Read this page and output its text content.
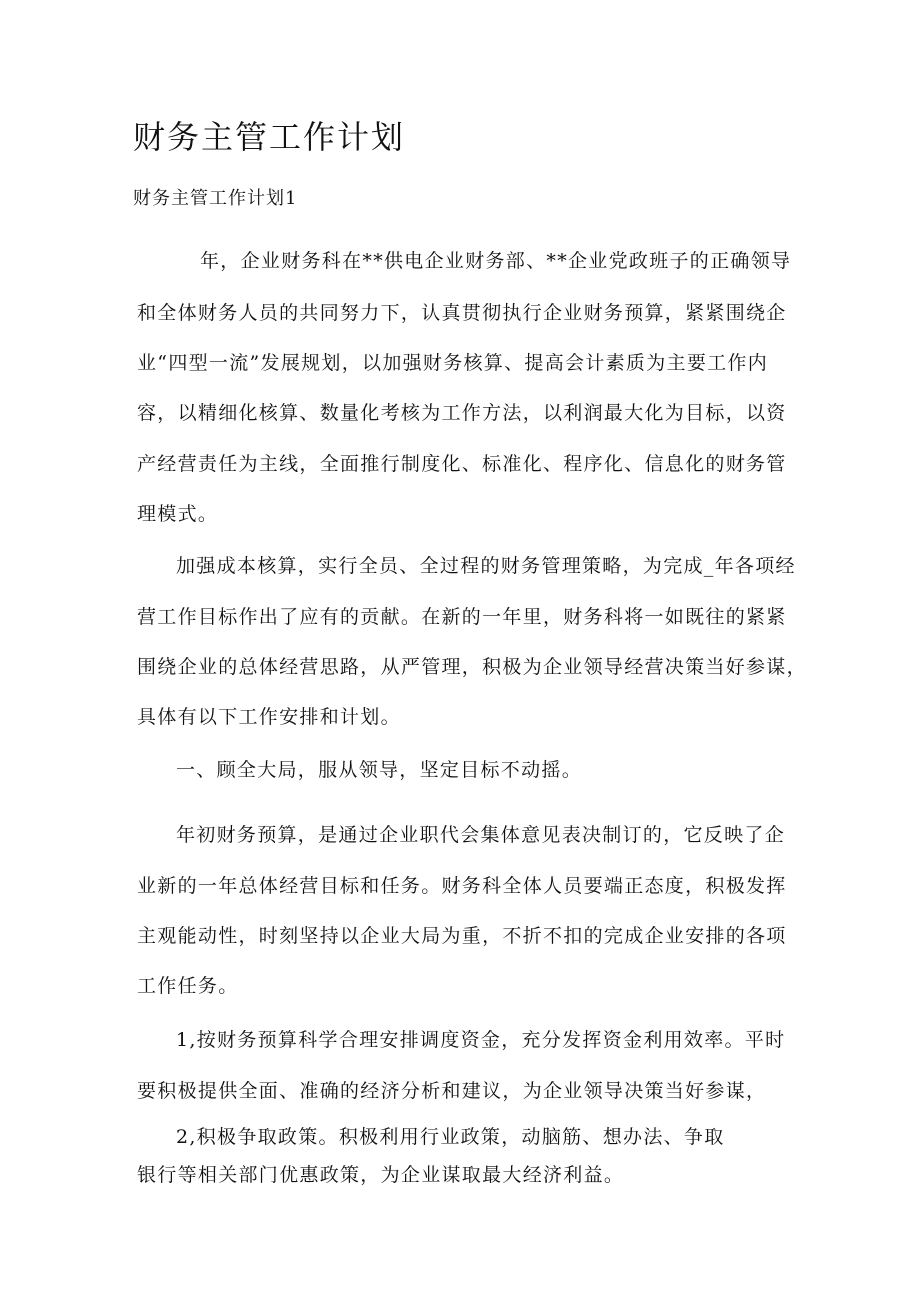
财务主管工作计划
财务主管工作计划1
年，企业财务科在**供电企业财务部、**企业党政班子的正确领导
和全体财务人员的共同努力下，认真贯彻执行企业财务预算，紧紧围绕企
业“四型一流”发展规划，以加强财务核算、提高会计素质为主要工作内
容，以精细化核算、数量化考核为工作方法，以利润最大化为目标，以资
产经营责任为主线，全面推行制度化、标准化、程序化、信息化的财务管
理模式。
加强成本核算，实行全员、全过程的财务管理策略，为完成_年各项经
营工作目标作出了应有的贡献。在新的一年里，财务科将一如既往的紧紧
围绕企业的总体经营思路，从严管理，积极为企业领导经营决策当好参谋，
具体有以下工作安排和计划。
一、顾全大局，服从领导，坚定目标不动摇。
年初财务预算，是通过企业职代会集体意见表决制订的，它反映了企
业新的一年总体经营目标和任务。财务科全体人员要端正态度，积极发挥
主观能动性，时刻坚持以企业大局为重，不折不扣的完成企业安排的各项
工作任务。
1,按财务预算科学合理安排调度资金，充分发挥资金利用效率。平时
要积极提供全面、准确的经济分析和建议，为企业领导决策当好参谋，
2,积极争取政策。积极利用行业政策，动脑筋、想办法、争取
银行等相关部门优惠政策，为企业谋取最大经济利益。
